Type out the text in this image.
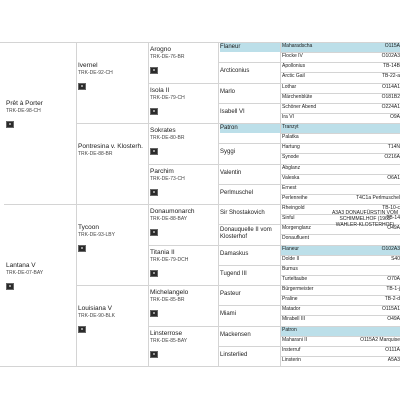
Prêt à Porter
TRK-DE-98-CH
Lantana V
TRK-DE-07-BAY
Ivernel
TRK-DE-92-CH
Pontresina v. Klosterh.
TRK-DE-88-BR
Tycoon
TRK-DE-93-LBY
Louisiana V
TRK-DE-90-BLK
Arogno
TRK-DE-76-BR
Isola II
TRK-DE-79-CH
Sokrates
TRK-DE-80-BR
Parchim
TRK-DE-73-CH
Donaumonarch
TRK-DE-88-BAY
Titania II
TRK-DE-79-DCH
Michelangelo
TRK-DE-85-BR
Linsterrose
TRK-DE-85-BAY
Flaneur
Arcticonius
Marlo
Isabell VI
Patron
Syggi
Valentin
Perlmuschel
Sir Shostakovich
Donauquelle II vom Klosterhof
Damaskus
Tugend III
Pasteur
Miami
Mackensen
Linsterlied
Maharadscha	O115A
Flocke IV	O102A3
Apollonius	TB-14B
Arctic Gail	TB-22-a
Lothar	O114A1
Märchenblüte	O181B2
Schöner Abend	O224A1
Ira VI	O9A
Tranzyt
Palatka
Hartung	T14N
Synode	O216A
Abglanz
Valeska	O6A1
Ernest
Perlenreihe	T4C1a Perlmuschel
Rheingold	TB-10-c
Sinful	TB-14
Morgenglanz	O49A
Donaufluent
A3A3 DONAUFÜRSTIN VOM SCHIMMELHOF (1965 WAHLER-KLOSTERHOF)
Flaneur	O102A3
Dolde II	S40
Burnus
Turteltaube	O70A
Bürgermeister	TB-1-j
Praline	TB-2-d
Matador	O115A1
Mirabell III	O49A
Patron
Maharani II	O115A2 Marquise
Insterruf	O111A
Linsterin	A5A3
